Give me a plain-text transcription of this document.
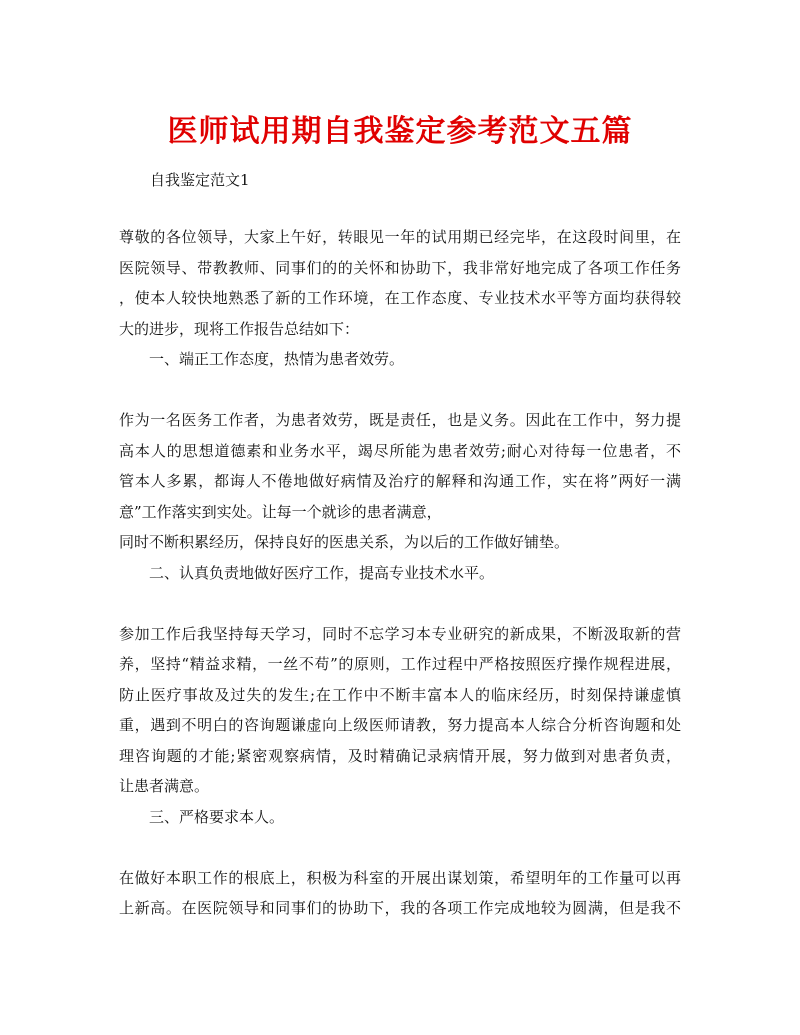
医师试用期自我鉴定参考范文五篇
自我鉴定范文1
尊敬的各位领导，大家上午好，转眼见一年的试用期已经完毕，在这段时间里，在
医院领导、带教教师、同事们的的关怀和协助下，我非常好地完成了各项工作任务
，使本人较快地熟悉了新的工作环境，在工作态度、专业技术水平等方面均获得较
大的进步，现将工作报告总结如下：
一、端正工作态度，热情为患者效劳。
作为一名医务工作者，为患者效劳，既是责任，也是义务。因此在工作中，努力提
高本人的思想道德素和业务水平，竭尽所能为患者效劳;耐心对待每一位患者，不
管本人多累，都诲人不倦地做好病情及治疗的解释和沟通工作，实在将”两好一满
意”工作落实到实处。让每一个就诊的患者满意，
同时不断积累经历，保持良好的医患关系，为以后的工作做好铺垫。
二、认真负责地做好医疗工作，提高专业技术水平。
参加工作后我坚持每天学习，同时不忘学习本专业研究的新成果，不断汲取新的营
养，坚持“精益求精，一丝不苟”的原则，工作过程中严格按照医疗操作规程进展，
防止医疗事故及过失的发生;在工作中不断丰富本人的临床经历，时刻保持谦虚慎
重，遇到不明白的咨询题谦虚向上级医师请教，努力提高本人综合分析咨询题和处
理咨询题的才能;紧密观察病情，及时精确记录病情开展，努力做到对患者负责，
让患者满意。
三、严格要求本人。
在做好本职工作的根底上，积极为科室的开展出谋划策，希望明年的工作量可以再
上新高。在医院领导和同事们的协助下，我的各项工作完成地较为圆满，但是我不
